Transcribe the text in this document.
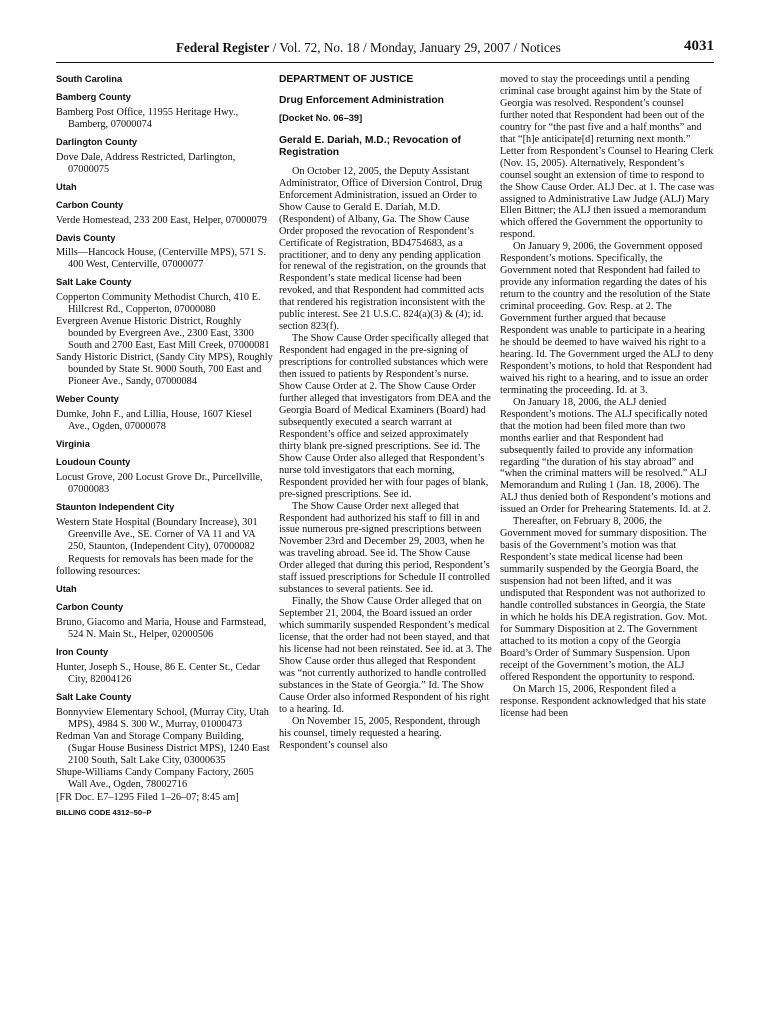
Federal Register / Vol. 72, No. 18 / Monday, January 29, 2007 / Notices	4031
South Carolina
Bamberg County
Bamberg Post Office, 11955 Heritage Hwy., Bamberg, 07000074
Darlington County
Dove Dale, Address Restricted, Darlington, 07000075
Utah
Carbon County
Verde Homestead, 233 200 East, Helper, 07000079
Davis County
Mills—Hancock House, (Centerville MPS), 571 S. 400 West, Centerville, 07000077
Salt Lake County
Copperton Community Methodist Church, 410 E. Hillcrest Rd., Copperton, 07000080
Evergreen Avenue Historic District, Roughly bounded by Evergreen Ave., 2300 East, 3300 South and 2700 East, East Mill Creek, 07000081
Sandy Historic District, (Sandy City MPS), Roughly bounded by State St. 9000 South, 700 East and Pioneer Ave., Sandy, 07000084
Weber County
Dumke, John F., and Lillia, House, 1607 Kiesel Ave., Ogden, 07000078
Virginia
Loudoun County
Locust Grove, 200 Locust Grove Dr., Purcellville, 07000083
Staunton Independent City
Western State Hospital (Boundary Increase), 301 Greenville Ave., SE. Corner of VA 11 and VA 250, Staunton, (Independent City), 07000082
Requests for removals has been made for the following resources:
Utah
Carbon County
Bruno, Giacomo and Maria, House and Farmstead, 524 N. Main St., Helper, 02000506
Iron County
Hunter, Joseph S., House, 86 E. Center St., Cedar City, 82004126
Salt Lake County
Bonnyview Elementary School, (Murray City, Utah MPS), 4984 S. 300 W., Murray, 01000473
Redman Van and Storage Company Building, (Sugar House Business District MPS), 1240 East 2100 South, Salt Lake City, 03000635
Shupe-Williams Candy Company Factory, 2605 Wall Ave., Ogden, 78002716
[FR Doc. E7–1295 Filed 1–26–07; 8:45 am]
BILLING CODE 4312–50–P
DEPARTMENT OF JUSTICE
Drug Enforcement Administration
[Docket No. 06–39]
Gerald E. Dariah, M.D.; Revocation of Registration

On October 12, 2005, the Deputy Assistant Administrator, Office of Diversion Control, Drug Enforcement Administration, issued an Order to Show Cause to Gerald E. Dariah, M.D. (Respondent) of Albany, Ga. The Show Cause Order proposed the revocation of Respondent’s Certificate of Registration, BD4754683, as a practitioner, and to deny any pending application for renewal of the registration, on the grounds that Respondent’s state medical license had been revoked, and that Respondent had committed acts that rendered his registration inconsistent with the public interest. See 21 U.S.C. 824(a)(3) & (4); id. section 823(f).

The Show Cause Order specifically alleged that Respondent had engaged in the pre-signing of prescriptions for controlled substances which were then issued to patients by Respondent’s nurse. Show Cause Order at 2. The Show Cause Order further alleged that investigators from DEA and the Georgia Board of Medical Examiners (Board) had subsequently executed a search warrant at Respondent’s office and seized approximately thirty blank pre-signed prescriptions. See id. The Show Cause Order also alleged that Respondent’s nurse told investigators that each morning, Respondent provided her with four pages of blank, pre-signed prescriptions. See id.

The Show Cause Order next alleged that Respondent had authorized his staff to fill in and issue numerous pre-signed prescriptions between November 23rd and December 29, 2003, when he was traveling abroad. See id. The Show Cause Order alleged that during this period, Respondent’s staff issued prescriptions for Schedule II controlled substances to several patients. See id.

Finally, the Show Cause Order alleged that on September 21, 2004, the Board issued an order which summarily suspended Respondent’s medical license, that the order had not been stayed, and that his license had not been reinstated. See id. at 3. The Show Cause order thus alleged that Respondent was “not currently authorized to handle controlled substances in the State of Georgia.” Id. The Show Cause Order also informed Respondent of his right to a hearing. Id.

On November 15, 2005, Respondent, through his counsel, timely requested a hearing. Respondent’s counsel also

moved to stay the proceedings until a pending criminal case brought against him by the State of Georgia was resolved. Respondent’s counsel further noted that Respondent had been out of the country for “the past five and a half months” and that “[h]e anticipate[d] returning next month.” Letter from Respondent’s Counsel to Hearing Clerk (Nov. 15, 2005). Alternatively, Respondent’s counsel sought an extension of time to respond to the Show Cause Order. ALJ Dec. at 1. The case was assigned to Administrative Law Judge (ALJ) Mary Ellen Bittner; the ALJ then issued a memorandum which offered the Government the opportunity to respond.

On January 9, 2006, the Government opposed Respondent’s motions. Specifically, the Government noted that Respondent had failed to provide any information regarding the dates of his return to the country and the resolution of the State criminal proceeding. Gov. Resp. at 2. The Government further argued that because Respondent was unable to participate in a hearing he should be deemed to have waived his right to a hearing. Id. The Government urged the ALJ to deny Respondent’s motions, to hold that Respondent had waived his right to a hearing, and to issue an order terminating the proceeding. Id. at 3.

On January 18, 2006, the ALJ denied Respondent’s motions. The ALJ specifically noted that the motion had been filed more than two months earlier and that Respondent had subsequently failed to provide any information regarding “the duration of his stay abroad” and “when the criminal matters will be resolved.” ALJ Memorandum and Ruling 1 (Jan. 18, 2006). The ALJ thus denied both of Respondent’s motions and issued an Order for Prehearing Statements. Id. at 2.

Thereafter, on February 8, 2006, the Government moved for summary disposition. The basis of the Government’s motion was that Respondent’s state medical license had been summarily suspended by the Georgia Board, the suspension had not been lifted, and it was undisputed that Respondent was not authorized to handle controlled substances in Georgia, the State in which he holds his DEA registration. Gov. Mot. for Summary Disposition at 2. The Government attached to its motion a copy of the Georgia Board’s Order of Summary Suspension. Upon receipt of the Government’s motion, the ALJ offered Respondent the opportunity to respond.

On March 15, 2006, Respondent filed a response. Respondent acknowledged that his state license had been
